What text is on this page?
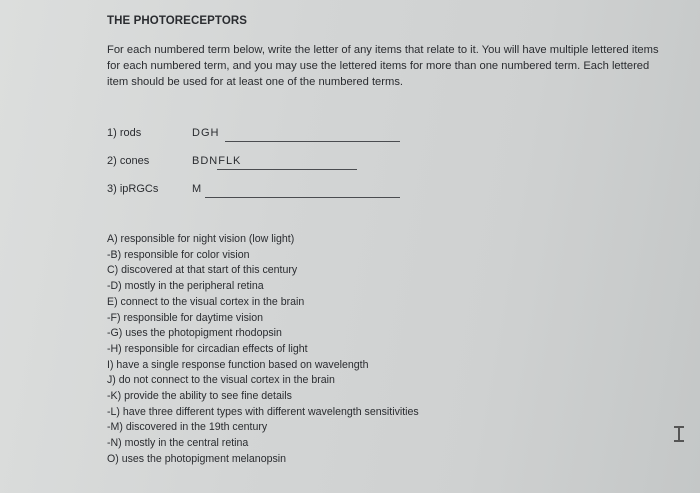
THE PHOTORECEPTORS
For each numbered term below, write the letter of any items that relate to it. You will have multiple lettered items for each numbered term, and you may use the lettered items for more than one numbered term. Each lettered item should be used for at least one of the numbered terms.
1) rods	DGH
2) cones	BDNFLK
3) ipRGCs	M
A) responsible for night vision (low light)
-B) responsible for color vision
C) discovered at that start of this century
-D) mostly in the peripheral retina
E) connect to the visual cortex in the brain
-F) responsible for daytime vision
-G) uses the photopigment rhodopsin
-H) responsible for circadian effects of light
I) have a single response function based on wavelength
J) do not connect to the visual cortex in the brain
-K) provide the ability to see fine details
-L) have three different types with different wavelength sensitivities
-M) discovered in the 19th century
-N) mostly in the central retina
O) uses the photopigment melanopsin
